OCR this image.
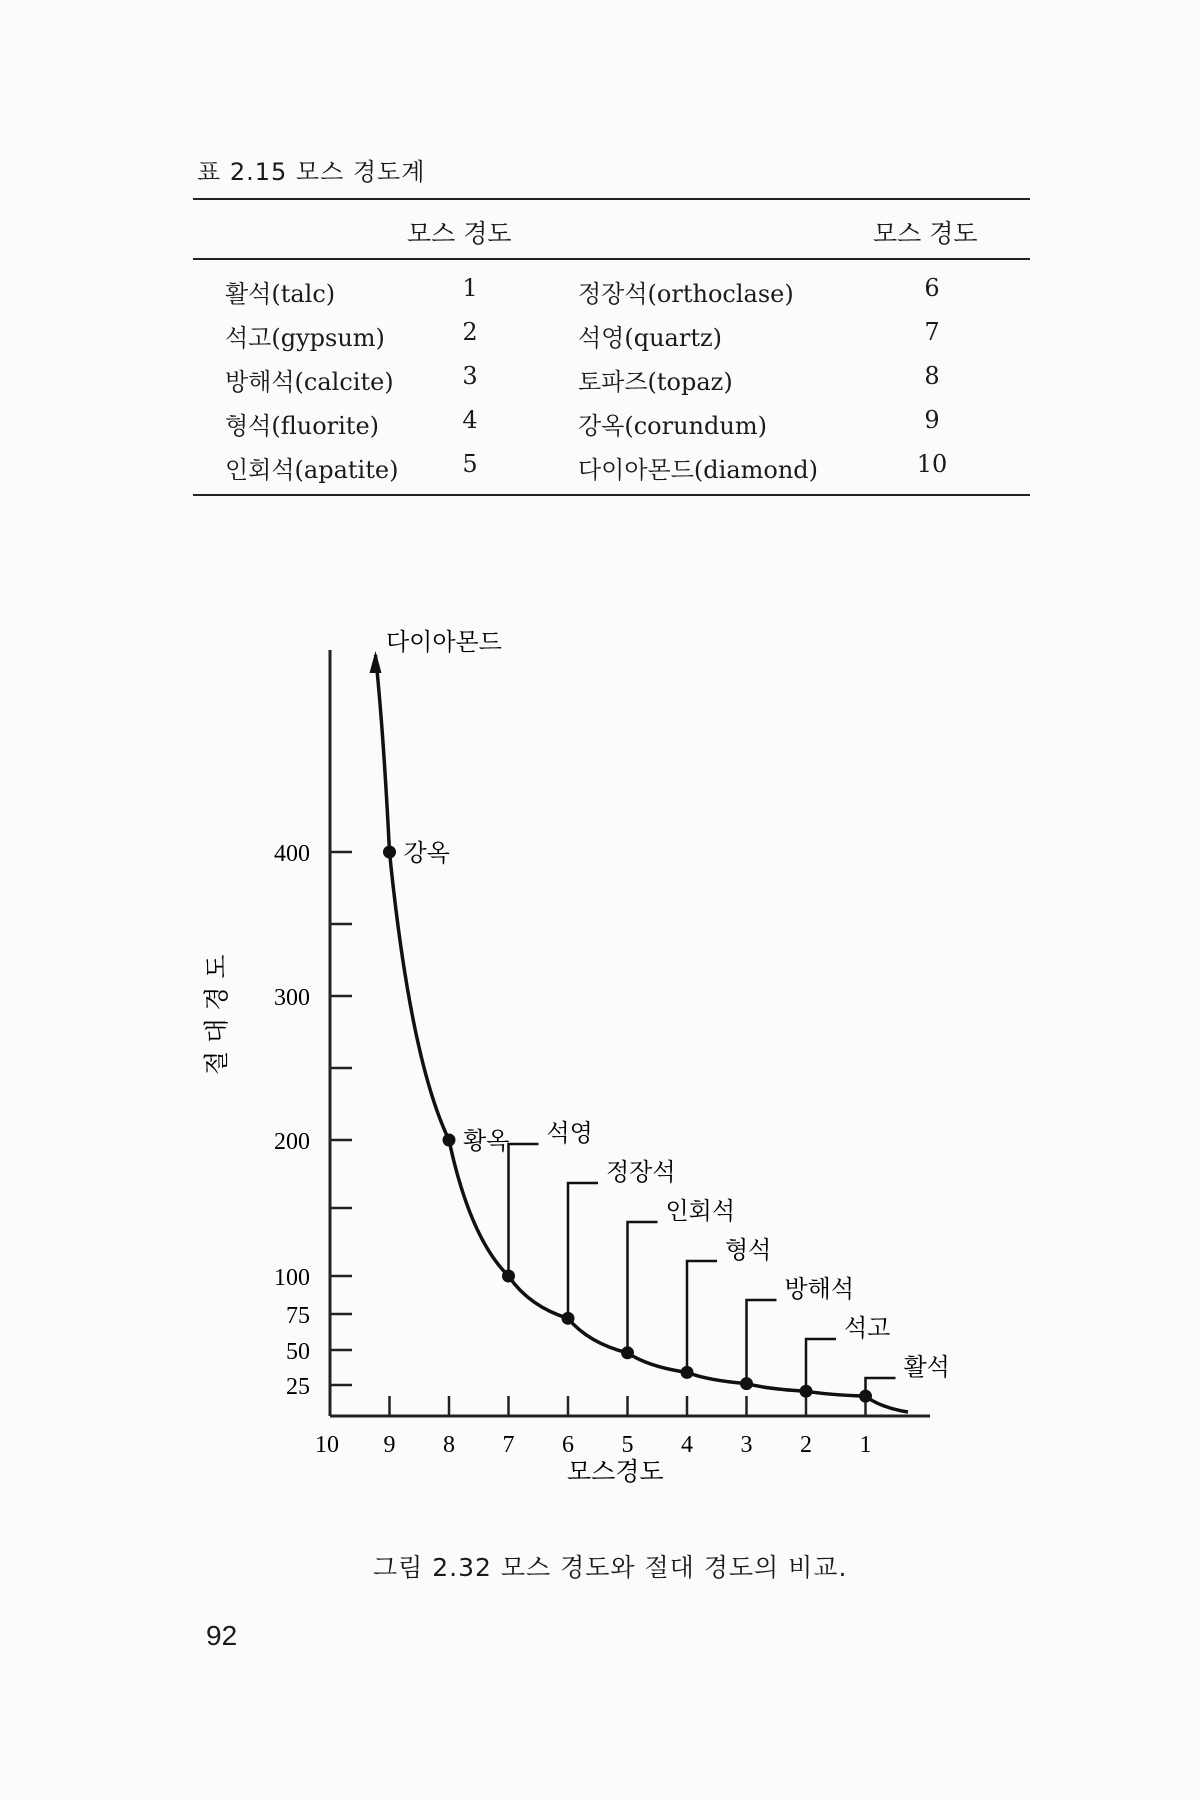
표 2.15 모스 경도계
모스 경도	모스 경도
활석(talc)	1	정장석(orthoclase)	6
석고(gypsum)	2	석영(quartz)	7
방해석(calcite)	3	토파즈(topaz)	8
형석(fluorite)	4	강옥(corundum)	9
인회석(apatite)	5	다이아몬드(diamond)	10
25
50
75
100
200
300
400
10 9 8 7 6 5 4 3 2 1
강옥
황옥 석영
정장석
인회석
형석
방해석
석고
활석
절 대 경 도
모스경도
다이아몬드
그림 2.32 모스 경도와 절대 경도의 비교.
92
